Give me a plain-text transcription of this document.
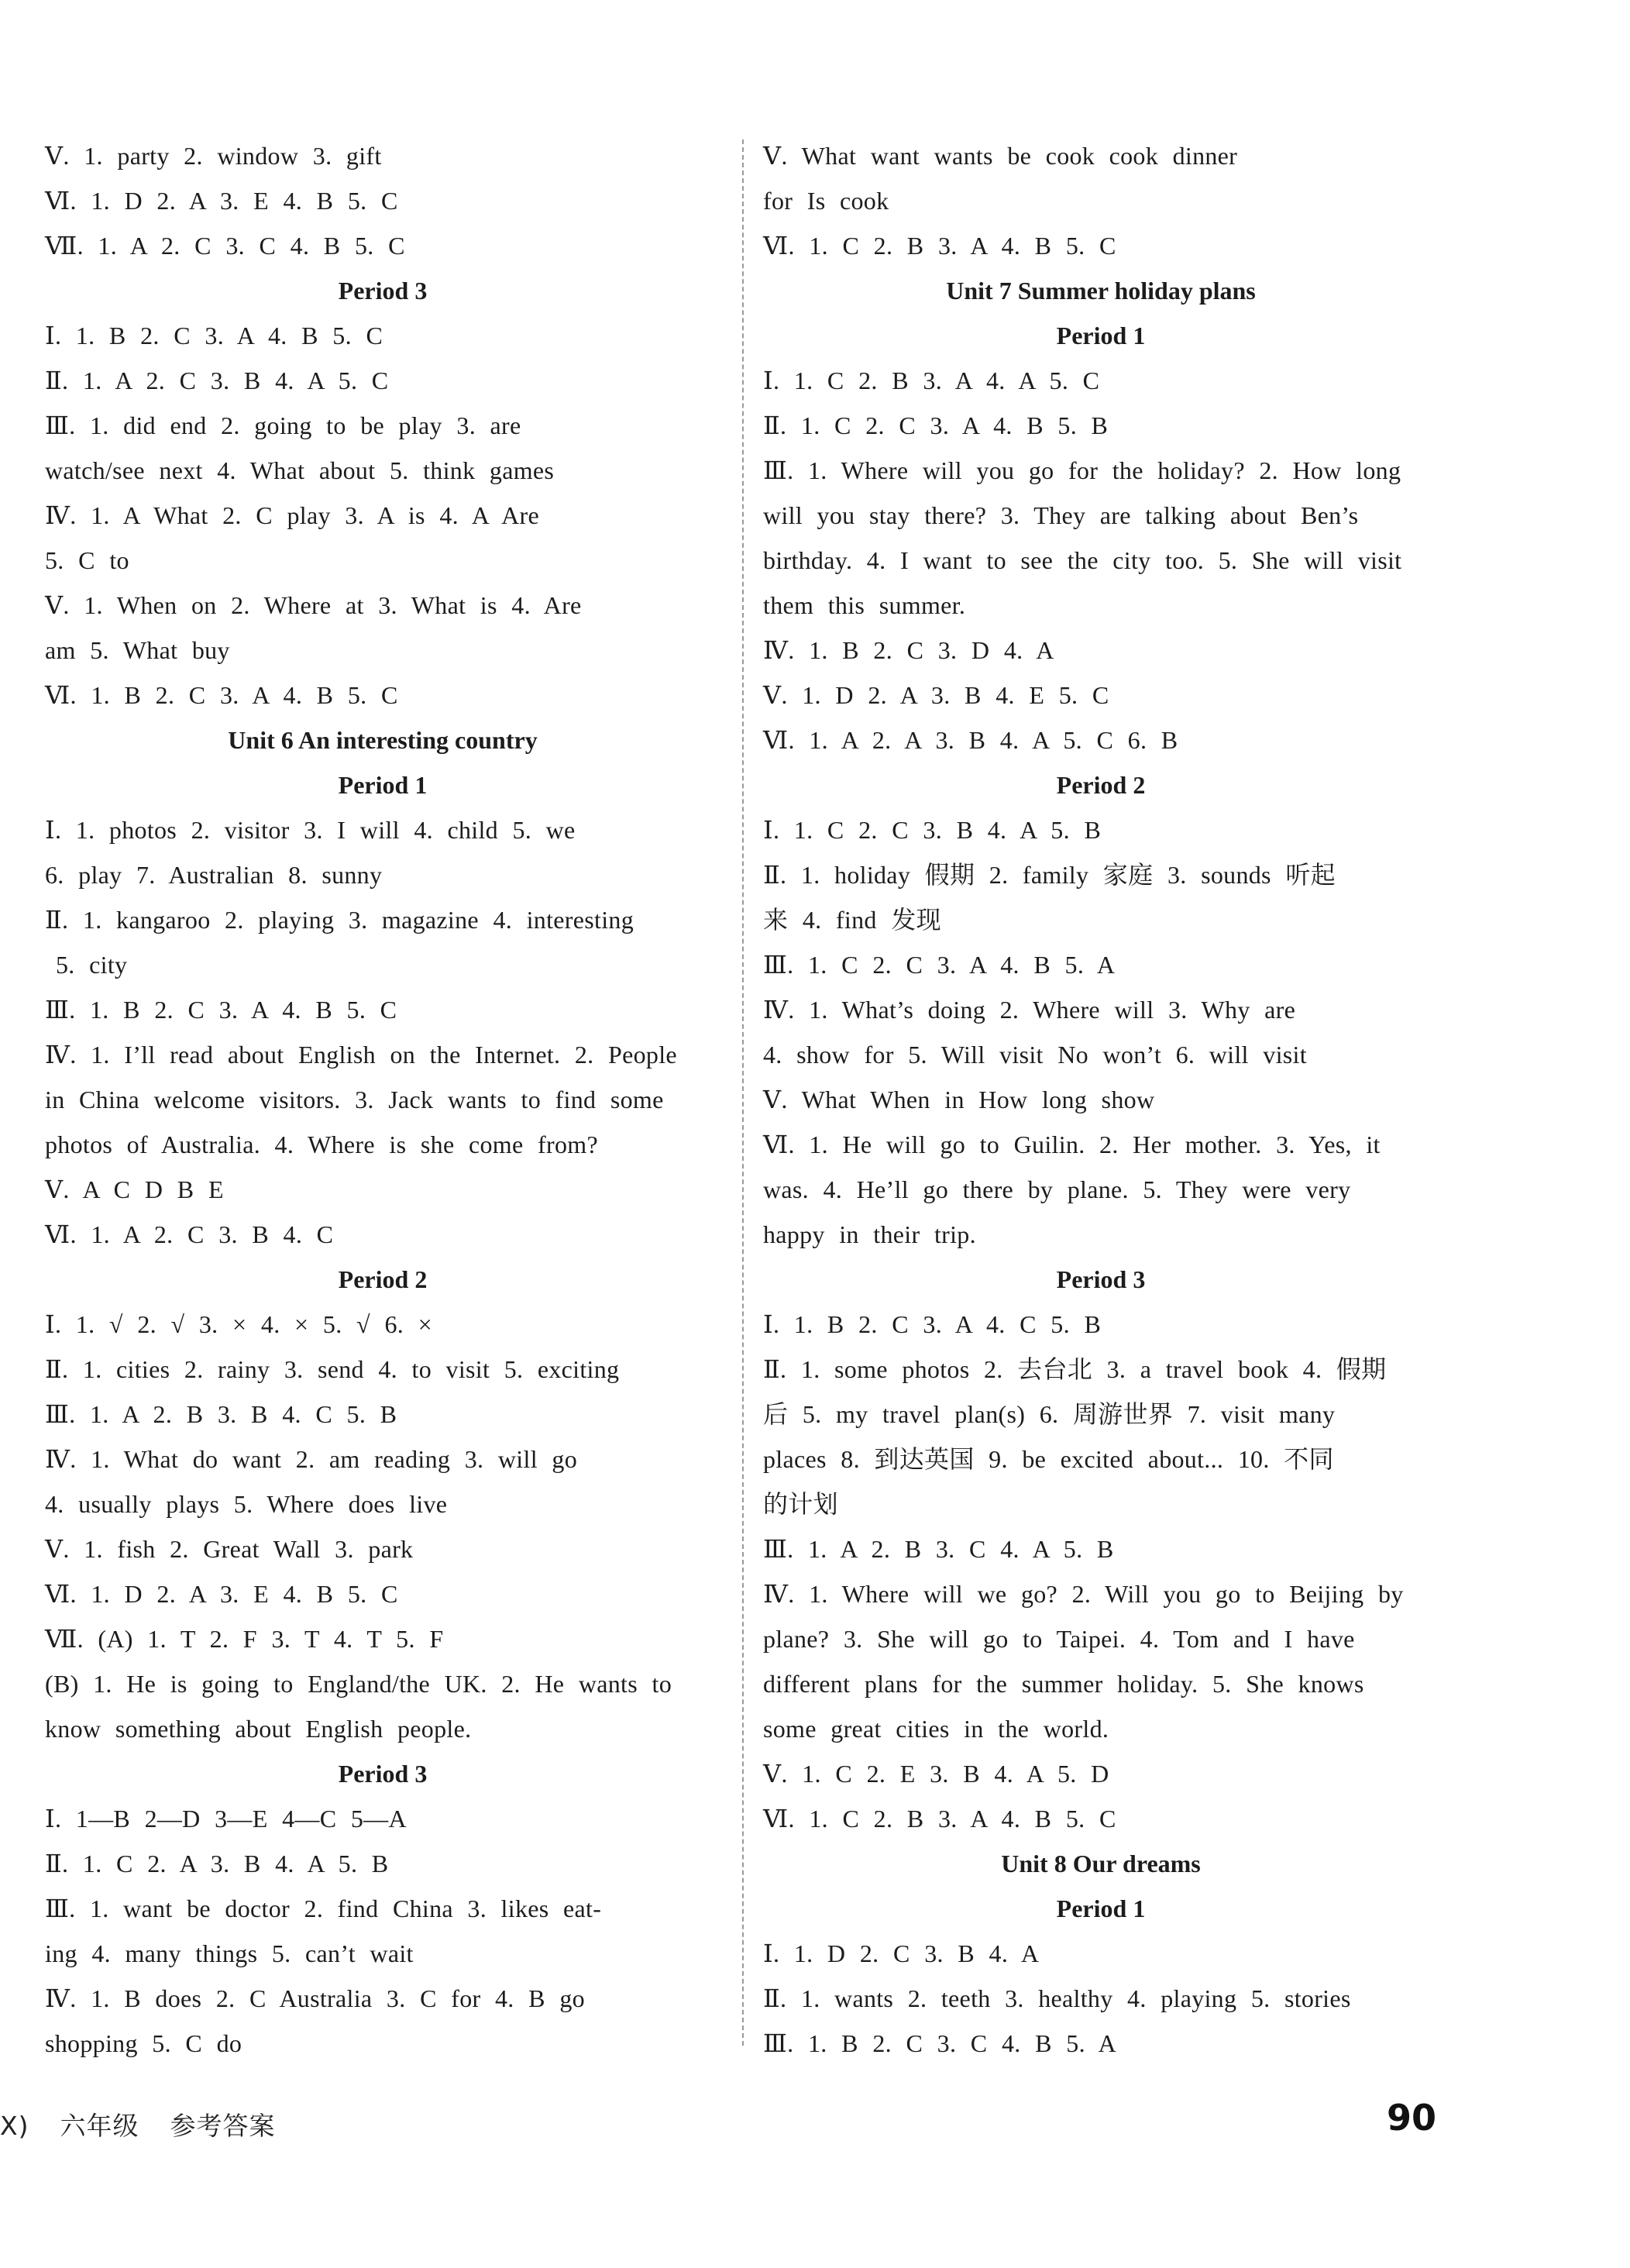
Ⅴ. 1. party 2. window 3. gift
Ⅵ. 1. D 2. A 3. E 4. B 5. C
Ⅶ. 1. A 2. C 3. C 4. B 5. C
Period 3
Ⅰ. 1. B 2. C 3. A 4. B 5. C
Ⅱ. 1. A 2. C 3. B 4. A 5. C
Ⅲ. 1. did end 2. going to be play 3. are
watch/see next 4. What about 5. think games
Ⅳ. 1. A What 2. C play 3. A is 4. A Are
5. C to
Ⅴ. 1. When on 2. Where at 3. What is 4. Are
am 5. What buy
Ⅵ. 1. B 2. C 3. A 4. B 5. C
Unit 6 An interesting country
Period 1
Ⅰ. 1. photos 2. visitor 3. I will 4. child 5. we
6. play 7. Australian 8. sunny
Ⅱ. 1. kangaroo 2. playing 3. magazine 4. interesting
5. city
Ⅲ. 1. B 2. C 3. A 4. B 5. C
Ⅳ. 1. I’ll read about English on the Internet. 2. People
in China welcome visitors. 3. Jack wants to find some
photos of Australia. 4. Where is she come from?
Ⅴ. A C D B E
Ⅵ. 1. A 2. C 3. B 4. C
Period 2
Ⅰ. 1. √ 2. √ 3. × 4. × 5. √ 6. ×
Ⅱ. 1. cities 2. rainy 3. send 4. to visit 5. exciting
Ⅲ. 1. A 2. B 3. B 4. C 5. B
Ⅳ. 1. What do want 2. am reading 3. will go
4. usually plays 5. Where does live
Ⅴ. 1. fish 2. Great Wall 3. park
Ⅵ. 1. D 2. A 3. E 4. B 5. C
Ⅶ. (A) 1. T 2. F 3. T 4. T 5. F
(B) 1. He is going to England/the UK. 2. He wants to
know something about English people.
Period 3
Ⅰ. 1—B 2—D 3—E 4—C 5—A
Ⅱ. 1. C 2. A 3. B 4. A 5. B
Ⅲ. 1. want be doctor 2. find China 3. likes eat-
ing 4. many things 5. can’t wait
Ⅳ. 1. B does 2. C Australia 3. C for 4. B go
shopping 5. C do
Ⅴ. What want wants be cook cook dinner
for Is cook
Ⅵ. 1. C 2. B 3. A 4. B 5. C
Unit 7 Summer holiday plans
Period 1
Ⅰ. 1. C 2. B 3. A 4. A 5. C
Ⅱ. 1. C 2. C 3. A 4. B 5. B
Ⅲ. 1. Where will you go for the holiday? 2. How long
will you stay there? 3. They are talking about Ben’s
birthday. 4. I want to see the city too. 5. She will visit
them this summer.
Ⅳ. 1. B 2. C 3. D 4. A
Ⅴ. 1. D 2. A 3. B 4. E 5. C
Ⅵ. 1. A 2. A 3. B 4. A 5. C 6. B
Period 2
Ⅰ. 1. C 2. C 3. B 4. A 5. B
Ⅱ. 1. holiday 假期 2. family 家庭 3. sounds 听起
来 4. find 发现
Ⅲ. 1. C 2. C 3. A 4. B 5. A
Ⅳ. 1. What’s doing 2. Where will 3. Why are
4. show for 5. Will visit No won’t 6. will visit
Ⅴ. What When in How long show
Ⅵ. 1. He will go to Guilin. 2. Her mother. 3. Yes, it
was. 4. He’ll go there by plane. 5. They were very
happy in their trip.
Period 3
Ⅰ. 1. B 2. C 3. A 4. C 5. B
Ⅱ. 1. some photos 2. 去台北 3. a travel book 4. 假期
后 5. my travel plan(s) 6. 周游世界 7. visit many
places 8. 到达英国 9. be excited about... 10. 不同
的计划
Ⅲ. 1. A 2. B 3. C 4. A 5. B
Ⅳ. 1. Where will we go? 2. Will you go to Beijing by
plane? 3. She will go to Taipei. 4. Tom and I have
different plans for the summer holiday. 5. She knows
some great cities in the world.
Ⅴ. 1. C 2. E 3. B 4. A 5. D
Ⅵ. 1. C 2. B 3. A 4. B 5. C
Unit 8 Our dreams
Period 1
Ⅰ. 1. D 2. C 3. B 4. A
Ⅱ. 1. wants 2. teeth 3. healthy 4. playing 5. stories
Ⅲ. 1. B 2. C 3. C 4. B 5. A
X) 六年级 参考答案	90
